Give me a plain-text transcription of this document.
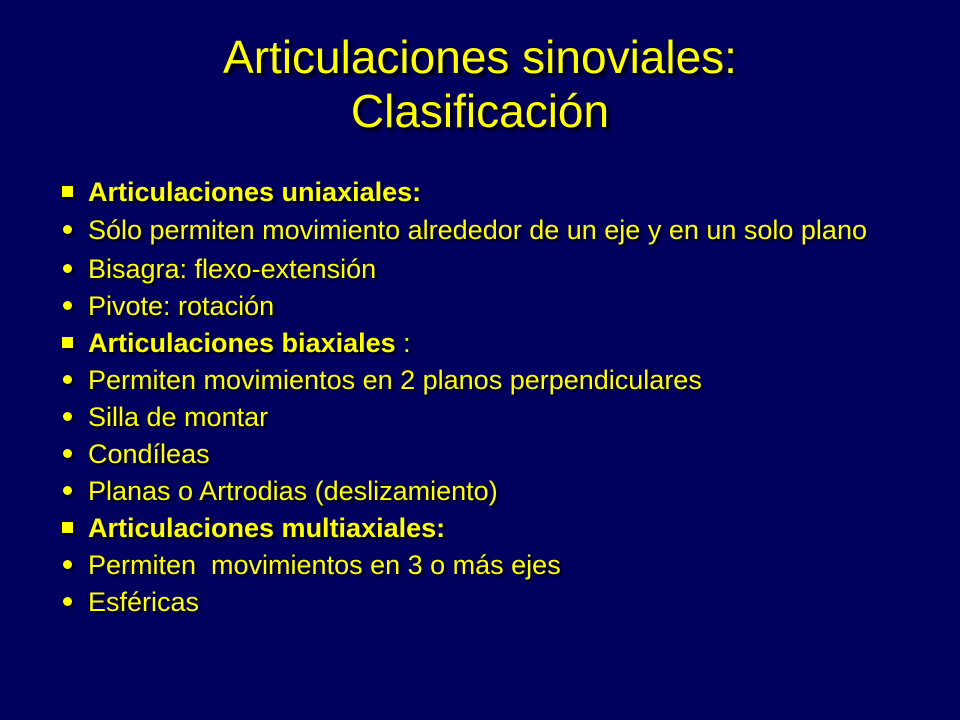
Articulaciones sinoviales:
Clasificación
Articulaciones uniaxiales:
Sólo permiten movimiento alrededor de un eje y en un solo plano
Bisagra: flexo-extensión
Pivote: rotación
Articulaciones biaxiales :
Permiten movimientos en 2 planos perpendiculares
Silla de montar
Condíleas
Planas o Artrodias (deslizamiento)
Articulaciones multiaxiales:
Permiten  movimientos en 3 o más ejes
Esféricas
